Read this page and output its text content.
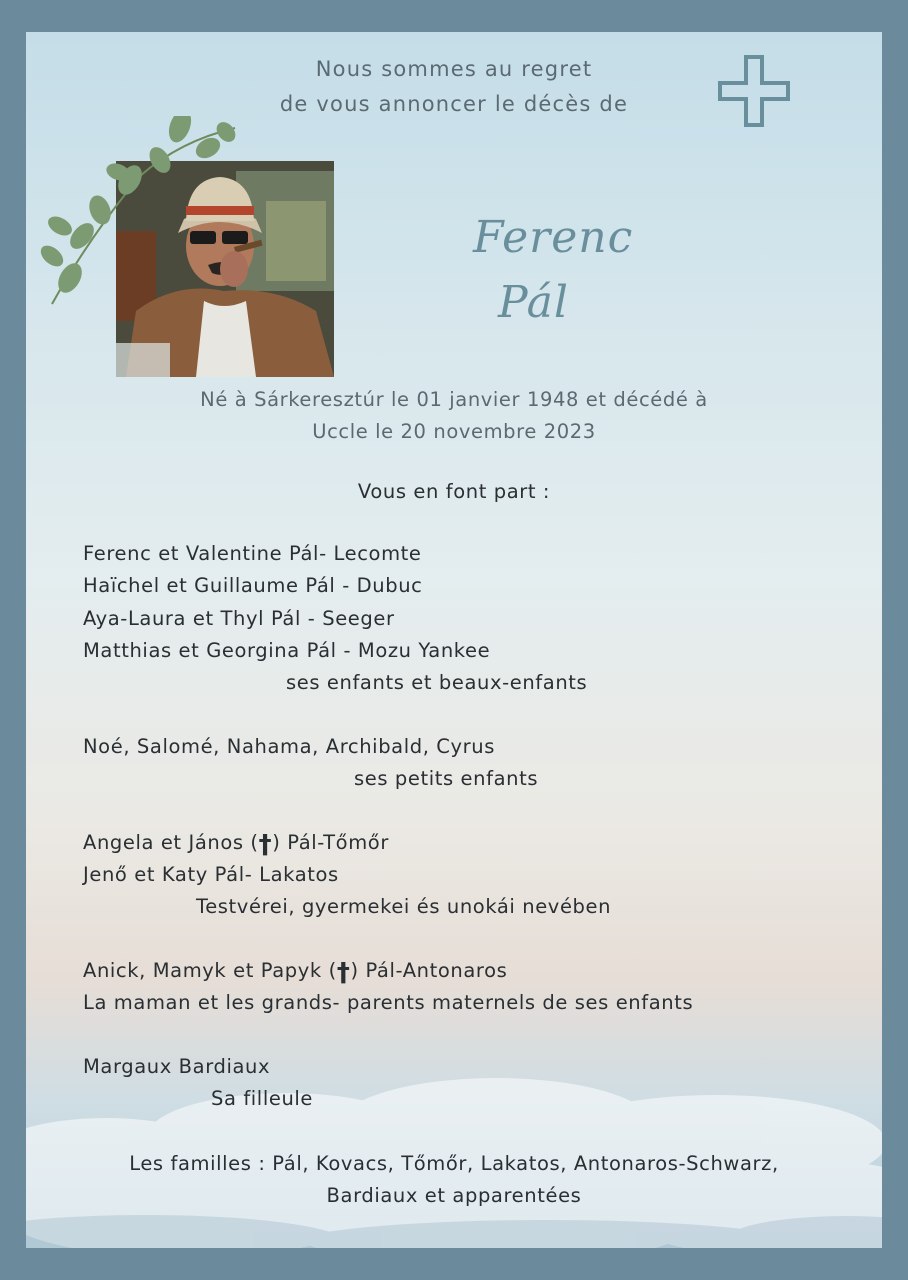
Nous sommes au regret
de vous annoncer le décès de
Ferenc
Pál
Né à Sárkeresztúr le 01 janvier 1948 et décédé à
Uccle le 20 novembre 2023
Vous en font part :
Ferenc et Valentine Pál- Lecomte
Haïchel et Guillaume Pál - Dubuc
Aya-Laura et Thyl Pál - Seeger
Matthias et Georgina Pál - Mozu Yankee
ses enfants et beaux-enfants
Noé, Salomé, Nahama, Archibald, Cyrus
ses petits enfants
Angela et János (†) Pál-Tőmőr
Jenő et Katy Pál- Lakatos
Testvérei, gyermekei és unokái nevében
Anick, Mamyk et Papyk (†) Pál-Antonaros
La maman et les grands- parents maternels de ses enfants
Margaux Bardiaux
Sa filleule
Les familles : Pál, Kovacs, Tőmőr, Lakatos, Antonaros-Schwarz,
Bardiaux et apparentées
